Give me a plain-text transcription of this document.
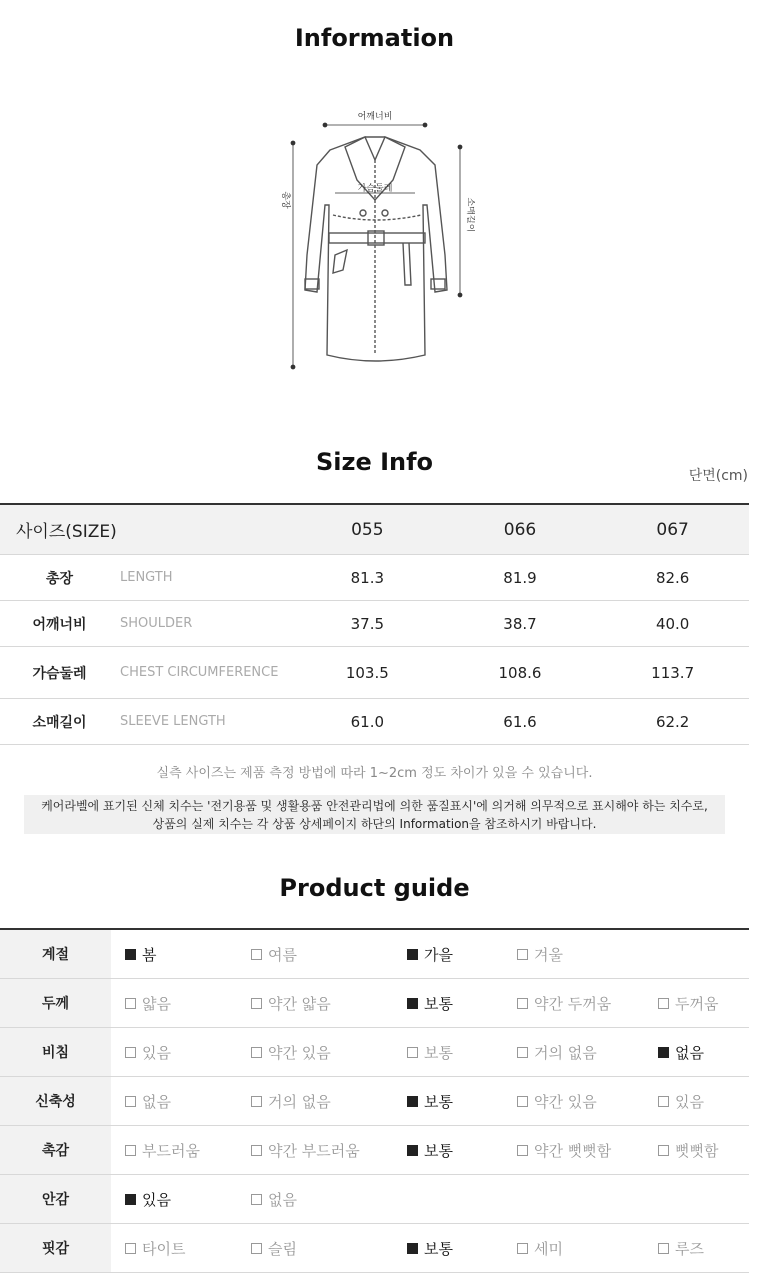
Information
어깨너비
가슴둘레
총장	소매길이
Size Info	단면(cm)
사이즈(SIZE)		055	066	067
총장	LENGTH	81.3	81.9	82.6
어깨너비	SHOULDER	37.5	38.7	40.0
가슴둘레	CHEST CIRCUMFERENCE	103.5	108.6	113.7
소매길이	SLEEVE LENGTH	61.0	61.6	62.2
실측 사이즈는 제품 측정 방법에 따라 1~2cm 정도 차이가 있을 수 있습니다.
케어라벨에 표기된 신체 치수는 '전기용품 및 생활용품 안전관리법에 의한 품질표시'에 의거해 의무적으로 표시해야 하는 치수로,
상품의 실제 치수는 각 상품 상세페이지 하단의 Information을 참조하시기 바랍니다.
Product guide
계절	봄	여름	가을	겨울	
두께	얇음	약간 얇음	보통	약간 두꺼움	두꺼움
비침	있음	약간 있음	보통	거의 없음	없음
신축성	없음	거의 없음	보통	약간 있음	있음
촉감	부드러움	약간 부드러움	보통	약간 뻣뻣함	뻣뻣함
안감	있음	없음			
핏감	타이트	슬림	보통	세미	루즈
